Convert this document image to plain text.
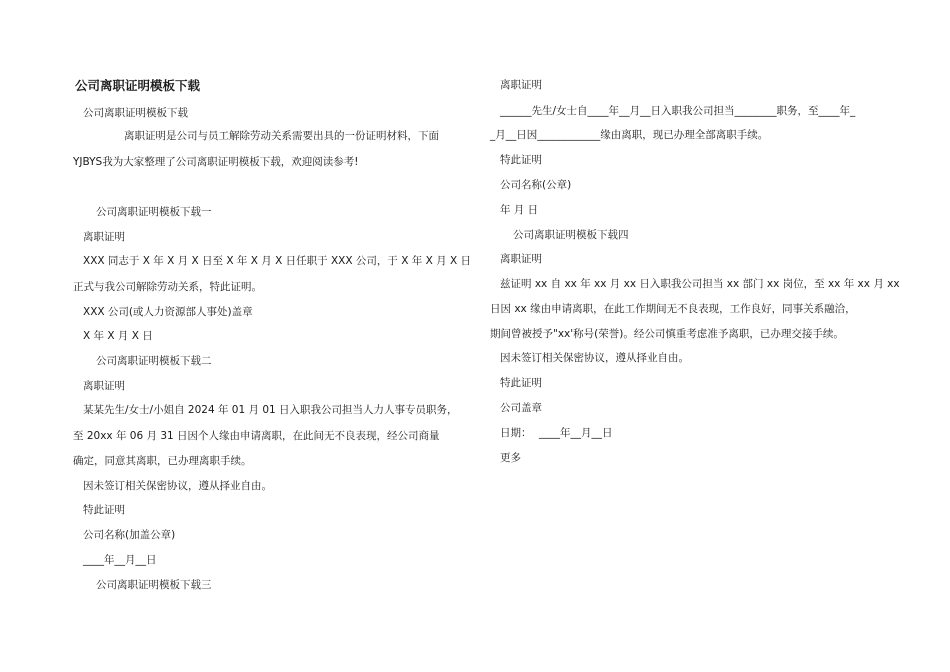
公司离职证明模板下载
公司离职证明模板下载
离职证明是公司与员工解除劳动关系需要出具的一份证明材料，下面
YJBYS我为大家整理了公司离职证明模板下载，欢迎阅读参考!
公司离职证明模板下载一
离职证明
XXX 同志于 X 年 X 月 X 日至 X 年 X 月 X 日任职于 XXX 公司，于 X 年 X 月 X 日
正式与我公司解除劳动关系，特此证明。
XXX 公司(或人力资源部人事处)盖章
X 年 X 月 X 日
公司离职证明模板下载二
离职证明
某某先生/女士/小姐自 2024 年 01 月 01 日入职我公司担当人力人事专员职务，
至 20xx 年 06 月 31 日因个人缘由申请离职，在此间无不良表现，经公司商量
确定，同意其离职，已办理离职手续。
因未签订相关保密协议，遵从择业自由。
特此证明
公司名称(加盖公章)
____年__月__日
公司离职证明模板下载三
离职证明
______先生/女士自____年__月__日入职我公司担当________职务，至____年_
_月__日因____________缘由离职，现已办理全部离职手续。
特此证明
公司名称(公章)
年 月 日
公司离职证明模板下载四
离职证明
兹证明 xx 自 xx 年 xx 月 xx 日入职我公司担当 xx 部门 xx 岗位，至 xx 年 xx 月 xx
日因 xx 缘由申请离职，在此工作期间无不良表现，工作良好，同事关系融洽，
期间曾被授予"xx'称号(荣誉)。经公司慎重考虑准予离职，已办理交接手续。
因未签订相关保密协议，遵从择业自由。
特此证明
公司盖章
日期： ____年__月__日
更多
